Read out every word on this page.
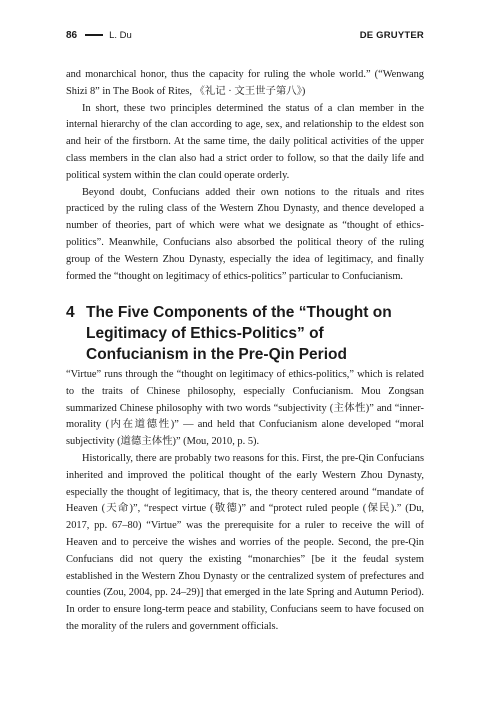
86	L. Du	DE GRUYTER

and monarchical honor, thus the capacity for ruling the whole world.” (“Wenwang Shizi 8” in The Book of Rites, 《礼记 · 文王世子第八》)

In short, these two principles determined the status of a clan member in the internal hierarchy of the clan according to age, sex, and relationship to the eldest son and heir of the firstborn. At the same time, the daily political activities of the upper class members in the clan also had a strict order to follow, so that the daily life and political system within the clan could operate orderly.

Beyond doubt, Confucians added their own notions to the rituals and rites practiced by the ruling class of the Western Zhou Dynasty, and thence developed a number of theories, part of which were what we designate as “thought of ethics-politics”. Meanwhile, Confucians also absorbed the political theory of the ruling group of the Western Zhou Dynasty, especially the idea of legitimacy, and finally formed the “thought on legitimacy of ethics-politics” particular to Confucianism.

4 The Five Components of the “Thought on Legitimacy of Ethics-Politics” of Confucianism in the Pre-Qin Period

“Virtue” runs through the “thought on legitimacy of ethics-politics,” which is related to the traits of Chinese philosophy, especially Confucianism. Mou Zongsan summarized Chinese philosophy with two words “subjectivity (主体性)” and “inner-morality (内在道德性)” — and held that Confucianism alone developed “moral subjectivity (道德主体性)” (Mou, 2010, p. 5).

Historically, there are probably two reasons for this. First, the pre-Qin Confucians inherited and improved the political thought of the early Western Zhou Dynasty, especially the thought of legitimacy, that is, the theory centered around “mandate of Heaven (天命)”, “respect virtue (敬德)” and “protect ruled people (保民).” (Du, 2017, pp. 67–80) “Virtue” was the prerequisite for a ruler to receive the will of Heaven and to perceive the wishes and worries of the people. Second, the pre-Qin Confucians did not query the existing “monarchies” [be it the feudal system established in the Western Zhou Dynasty or the centralized system of prefectures and counties (Zou, 2004, pp. 24–29)] that emerged in the late Spring and Autumn Period). In order to ensure long-term peace and stability, Confucians seem to have focused on the morality of the rulers and government officials.
